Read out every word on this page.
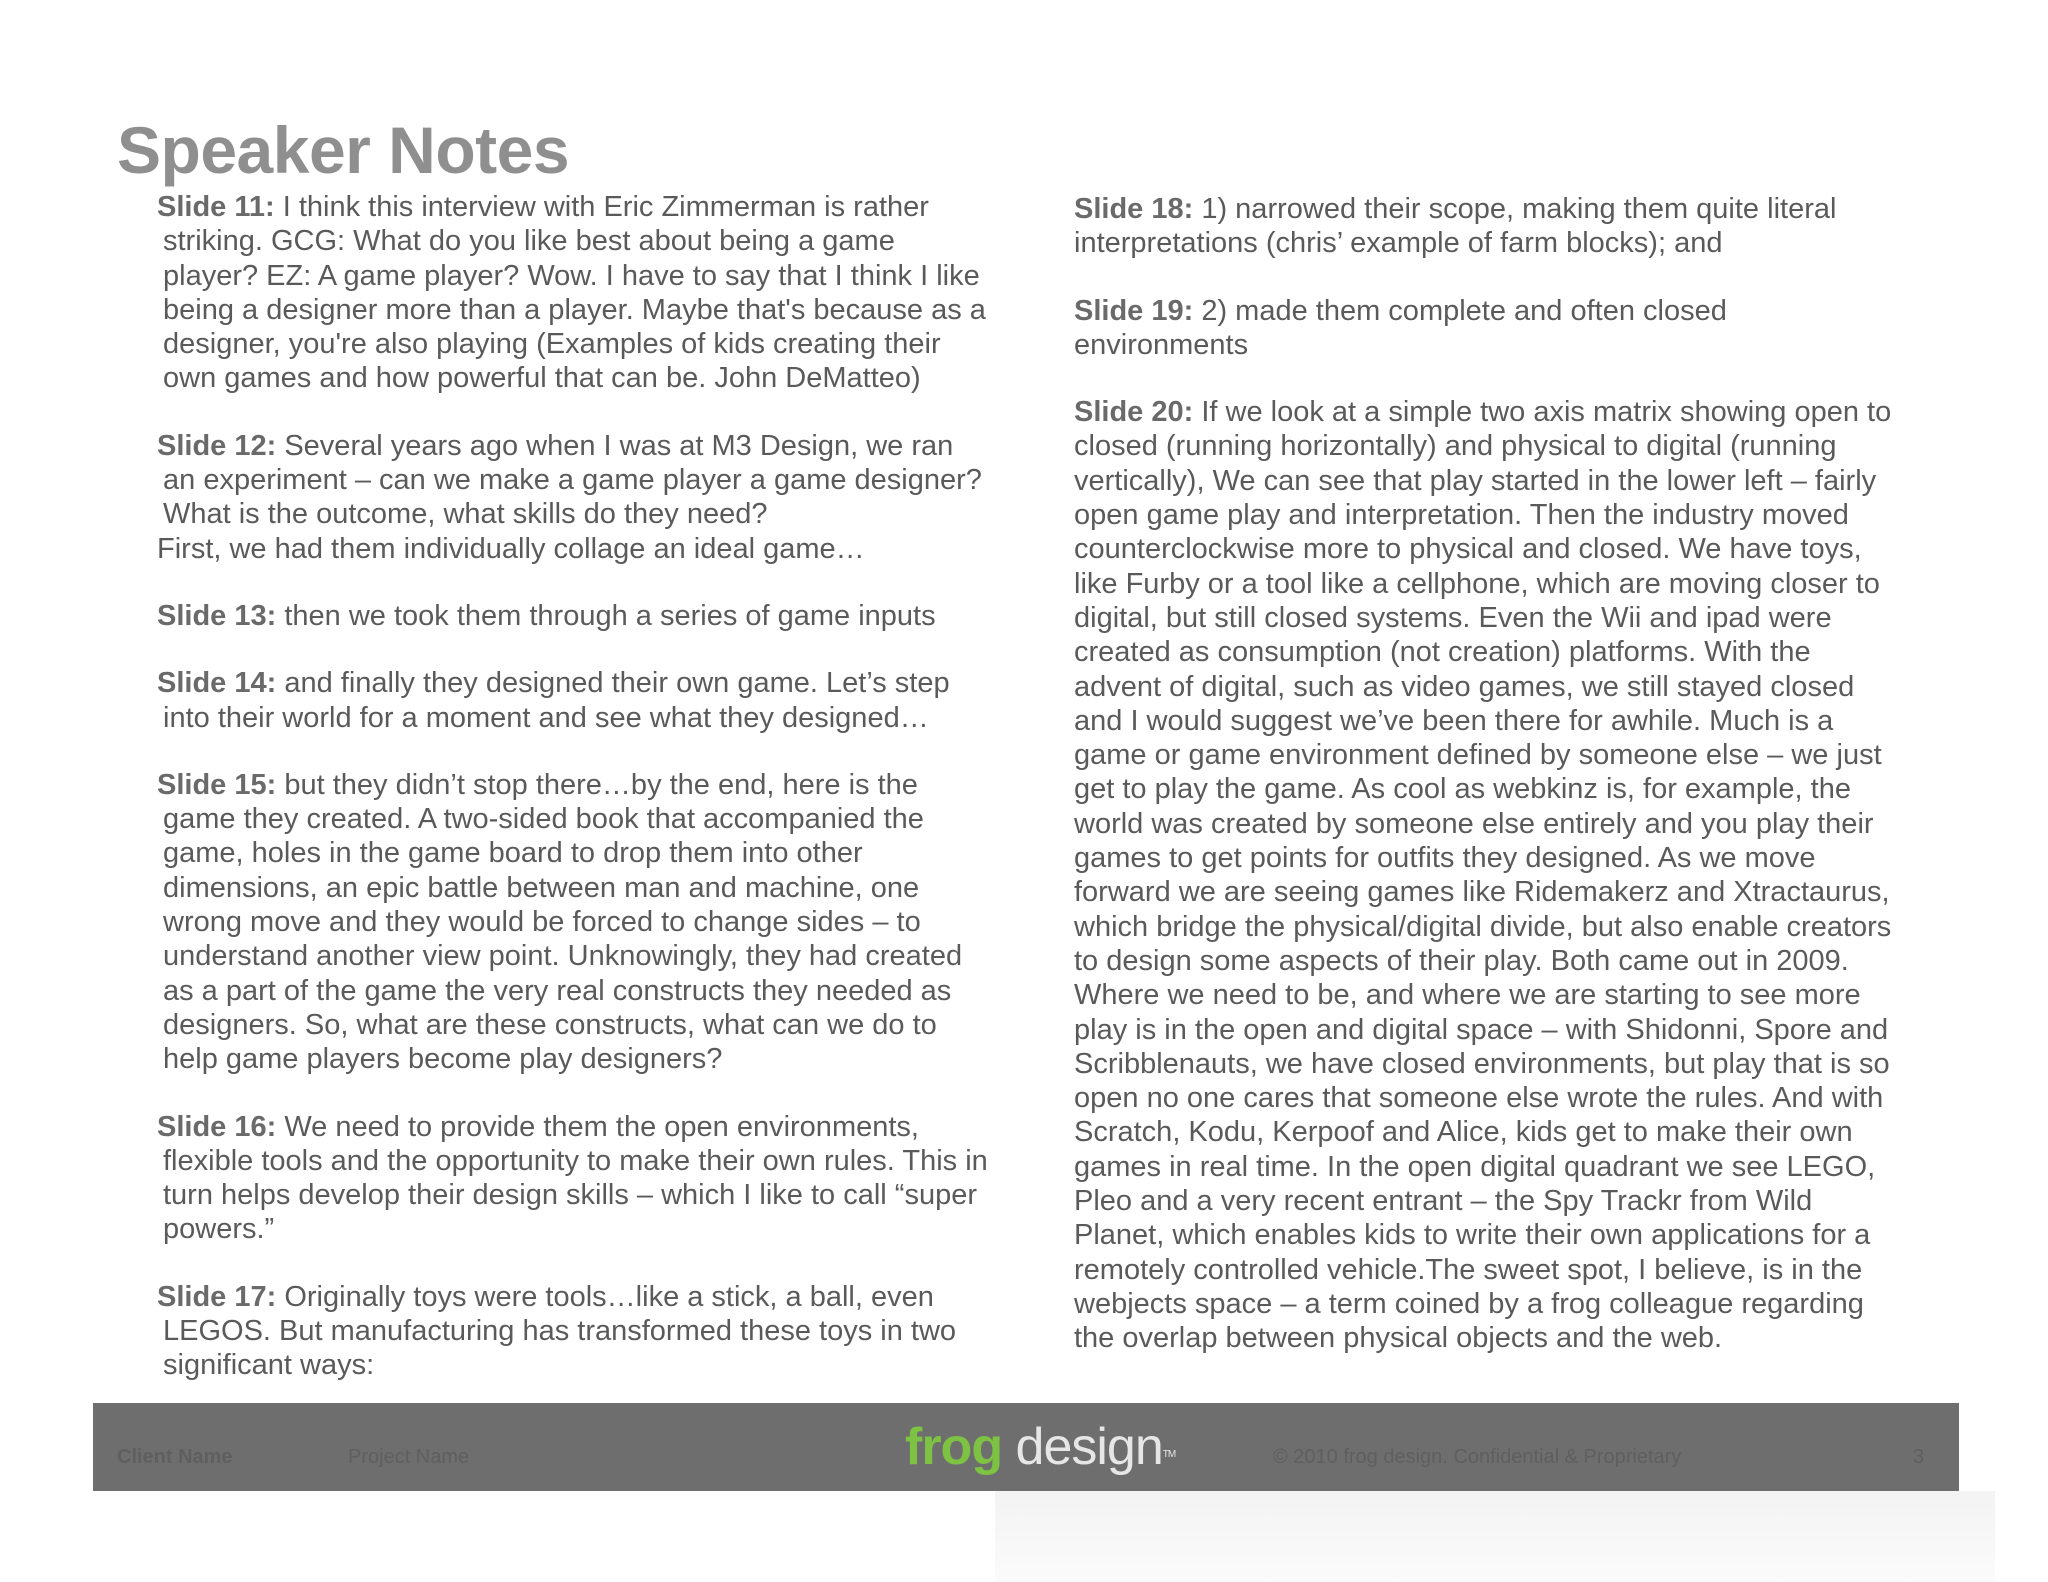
Speaker Notes

Slide 11: I think this interview with Eric Zimmerman is rather striking. GCG: What do you like best about being a game player? EZ: A game player? Wow. I have to say that I think I like being a designer more than a player. Maybe that's because as a designer, you're also playing (Examples of kids creating their own games and how powerful that can be. John DeMatteo)

Slide 12: Several years ago when I was at M3 Design, we ran an experiment – can we make a game player a game designer? What is the outcome, what skills do they need?
First, we had them individually collage an ideal game…

Slide 13: then we took them through a series of game inputs

Slide 14: and finally they designed their own game. Let’s step into their world for a moment and see what they designed…

Slide 15: but they didn’t stop there…by the end, here is the game they created. A two-sided book that accompanied the game, holes in the game board to drop them into other dimensions, an epic battle between man and machine, one wrong move and they would be forced to change sides – to understand another view point. Unknowingly, they had created as a part of the game the very real constructs they needed as designers. So, what are these constructs, what can we do to help game players become play designers?

Slide 16: We need to provide them the open environments, flexible tools and the opportunity to make their own rules. This in turn helps develop their design skills – which I like to call “super powers.”

Slide 17: Originally toys were tools…like a stick, a ball, even LEGOS. But manufacturing has transformed these toys in two significant ways:

Slide 18: 1) narrowed their scope, making them quite literal interpretations (chris’ example of farm blocks); and

Slide 19: 2) made them complete and often closed environments

Slide 20: If we look at a simple two axis matrix showing open to closed (running horizontally) and physical to digital (running vertically), We can see that play started in the lower left – fairly open game play and interpretation. Then the industry moved counterclockwise more to physical and closed. We have toys, like Furby or a tool like a cellphone, which are moving closer to digital, but still closed systems. Even the Wii and ipad were created as consumption (not creation) platforms. With the advent of digital, such as video games, we still stayed closed and I would suggest we’ve been there for awhile. Much is a game or game environment defined by someone else – we just get to play the game. As cool as webkinz is, for example, the world was created by someone else entirely and you play their games to get points for outfits they designed. As we move forward we are seeing games like Ridemakerz and Xtractaurus, which bridge the physical/digital divide, but also enable creators to design some aspects of their play. Both came out in 2009. Where we need to be, and where we are starting to see more play is in the open and digital space – with Shidonni, Spore and Scribblenauts, we have closed environments, but play that is so open no one cares that someone else wrote the rules. And with Scratch, Kodu, Kerpoof and Alice, kids get to make their own games in real time. In the open digital quadrant we see LEGO, Pleo and a very recent entrant – the Spy Trackr from Wild Planet, which enables kids to write their own applications for a remotely controlled vehicle.The sweet spot, I believe, is in the webjects space – a term coined by a frog colleague regarding the overlap between physical objects and the web.

Client Name	Project Name	frog design™	© 2010 frog design. Confidential & Proprietary	3
